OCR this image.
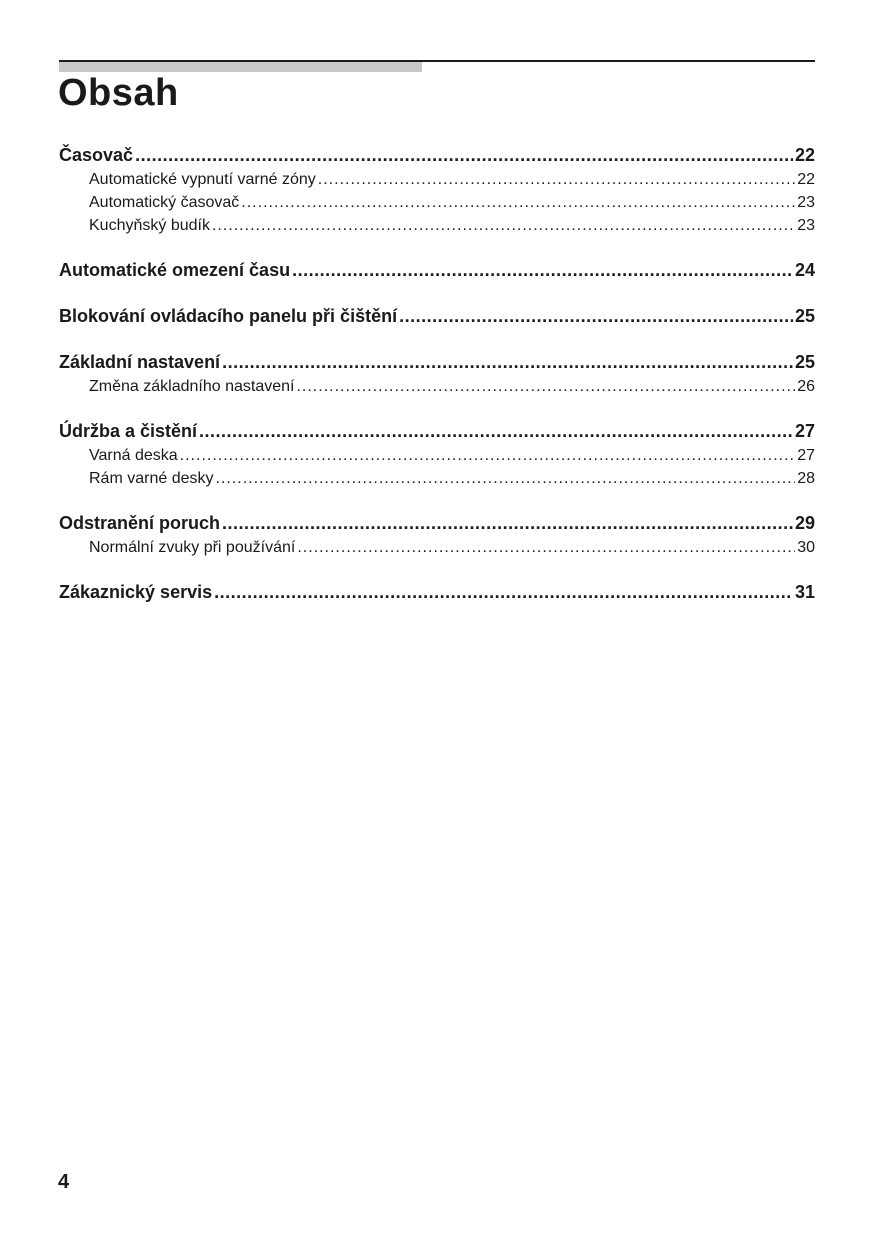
Obsah
Časovač .....	22
Automatické vypnutí varné zóny .....	22
Automatický časovač .....	23
Kuchyňský budík .....	23
Automatické omezení času .....	24
Blokování ovládacího panelu při čištění .....	25
Základní nastavení .....	25
Změna základního nastavení .....	26
Údržba a čistění .....	27
Varná deska .....	27
Rám varné desky .....	28
Odstranění poruch .....	29
Normální zvuky při používání .....	30
Zákaznický servis .....	31
4
